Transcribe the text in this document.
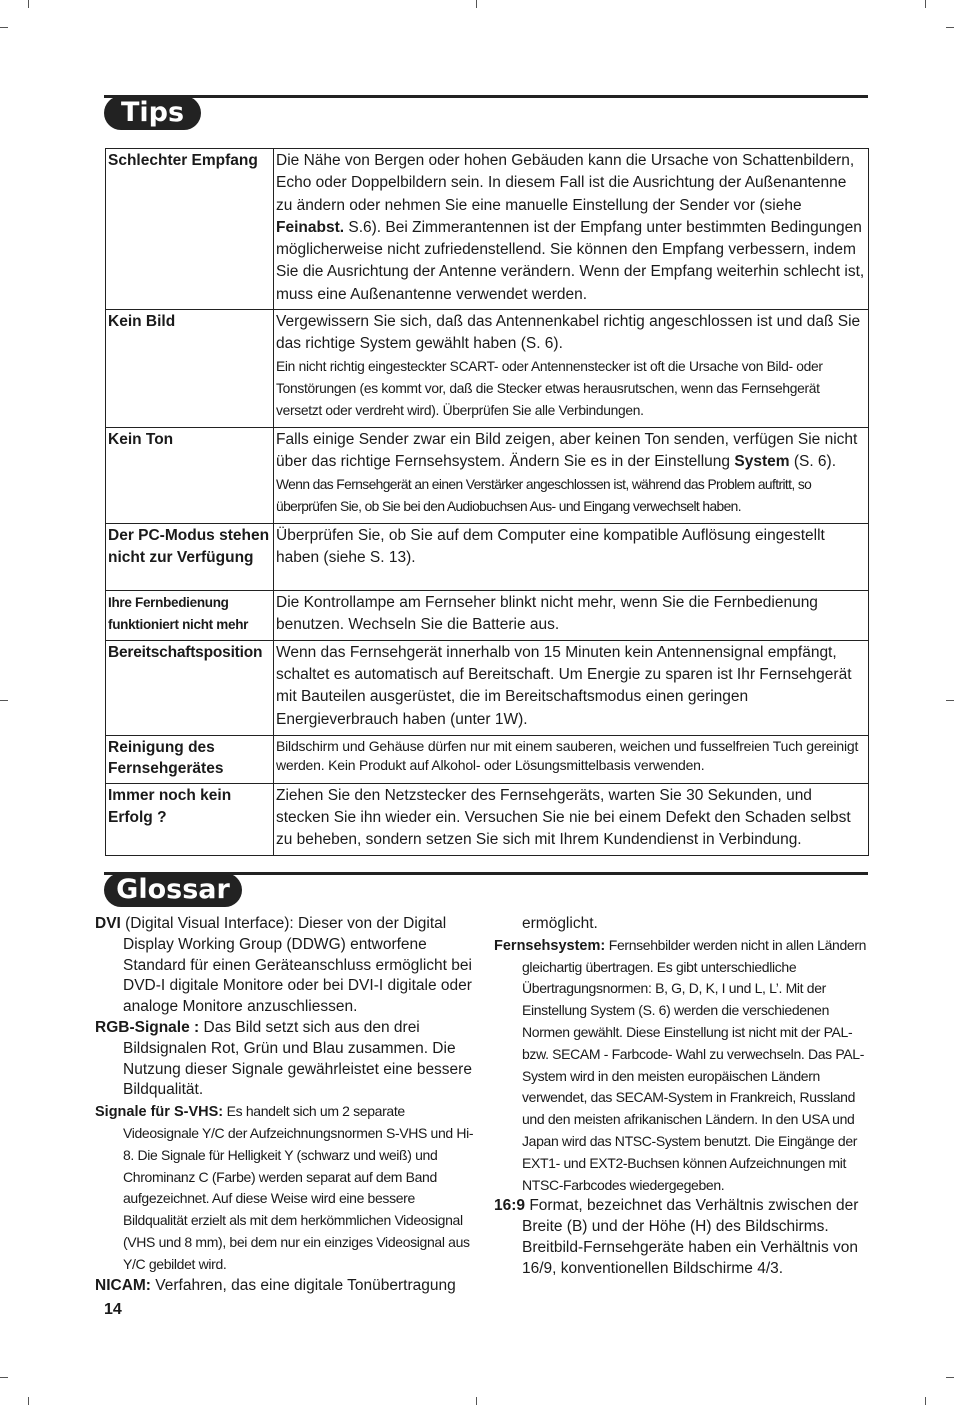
Tips
Schlechter Empfang	Die Nähe von Bergen oder hohen Gebäuden kann die Ursache von Schattenbildern, Echo oder Doppelbildern sein. In diesem Fall ist die Ausrichtung der Außenantenne zu ändern oder nehmen Sie eine manuelle Einstellung der Sender vor (siehe Feinabst. S.6). Bei Zimmerantennen ist der Empfang unter bestimmten Bedingungen möglicherweise nicht zufriedenstellend. Sie können den Empfang verbessern, indem Sie die Ausrichtung der Antenne verändern. Wenn der Empfang weiterhin schlecht ist, muss eine Außenantenne verwendet werden.
Kein Bild	Vergewissern Sie sich, daß das Antennenkabel richtig angeschlossen ist und daß Sie das richtige System gewählt haben (S. 6).
Ein nicht richtig eingesteckter SCART- oder Antennenstecker ist oft die Ursache von Bild- oder Tonstörungen (es kommt vor, daß die Stecker etwas herausrutschen, wenn das Fernsehgerät versetzt oder verdreht wird). Überprüfen Sie alle Verbindungen.
Kein Ton	Falls einige Sender zwar ein Bild zeigen, aber keinen Ton senden, verfügen Sie nicht über das richtige Fernsehsystem. Ändern Sie es in der Einstellung System (S. 6).
Wenn das Fernsehgerät an einen Verstärker angeschlossen ist, während das Problem auftritt, so überprüfen Sie, ob Sie bei den Audiobuchsen Aus- und Eingang verwechselt haben.
Der PC-Modus stehen nicht zur Verfügung	Überprüfen Sie, ob Sie auf dem Computer eine kompatible Auflösung eingestellt haben (siehe S. 13).
Ihre Fernbedienung funktioniert nicht mehr	Die Kontrollampe am Fernseher blinkt nicht mehr, wenn Sie die Fernbedienung benutzen. Wechseln Sie die Batterie aus.
Bereitschaftsposition	Wenn das Fernsehgerät innerhalb von 15 Minuten kein Antennensignal empfängt, schaltet es automatisch auf Bereitschaft. Um Energie zu sparen ist Ihr Fernsehgerät mit Bauteilen ausgerüstet, die im Bereitschaftsmodus einen geringen Energieverbrauch haben (unter 1W).
Reinigung des Fernsehgerätes	Bildschirm und Gehäuse dürfen nur mit einem sauberen, weichen und fusselfreien Tuch gereinigt werden. Kein Produkt auf Alkohol- oder Lösungsmittelbasis verwenden.

Immer noch kein Erfolg ?	Ziehen Sie den Netzstecker des Fernsehgeräts, warten Sie 30 Sekunden, und stecken Sie ihn wieder ein. Versuchen Sie nie bei einem Defekt den Schaden selbst zu beheben, sondern setzen Sie sich mit Ihrem Kundendienst in Verbindung.
Glossar

DVI (Digital Visual Interface): Dieser von der Digital Display Working Group (DDWG) entworfene Standard für einen Geräteanschluss ermöglicht bei DVD-I digitale Monitore oder bei DVI-I digitale oder analoge Monitore anzuschliessen.

RGB-Signale : Das Bild setzt sich aus den drei Bildsignalen Rot, Grün und Blau zusammen. Die Nutzung dieser Signale gewährleistet eine bessere Bildqualität.

Signale für S-VHS: Es handelt sich um 2 separate Videosignale Y/C der Aufzeichnungsnormen S-VHS und Hi-8. Die Signale für Helligkeit Y (schwarz und weiß) und Chrominanz C (Farbe) werden separat auf dem Band aufgezeichnet. Auf diese Weise wird eine bessere Bildqualität erzielt als mit dem herkömmlichen Videosignal (VHS und 8 mm), bei dem nur ein einziges Videosignal aus Y/C gebildet wird.

NICAM: Verfahren, das eine digitale Tonübertragung

ermöglicht.

Fernsehsystem: Fernsehbilder werden nicht in allen Ländern gleichartig übertragen. Es gibt unterschiedliche Übertragungsnormen: B, G, D, K, I und L, L’. Mit der Einstellung System (S. 6) werden die verschiedenen Normen gewählt. Diese Einstellung ist nicht mit der PAL- bzw. SECAM - Farbcode- Wahl zu verwechseln. Das PAL-System wird in den meisten europäischen Ländern verwendet, das SECAM-System in Frankreich, Russland und den meisten afrikanischen Ländern. In den USA und Japan wird das NTSC-System benutzt. Die Eingänge der EXT1- und EXT2-Buchsen können Aufzeichnungen mit NTSC-Farbcodes wiedergegeben.

16:9 Format, bezeichnet das Verhältnis zwischen der Breite (B) und der Höhe (H) des Bildschirms. Breitbild-Fernsehgeräte haben ein Verhältnis von 16/9, konventionellen Bildschirme 4/3.

14
